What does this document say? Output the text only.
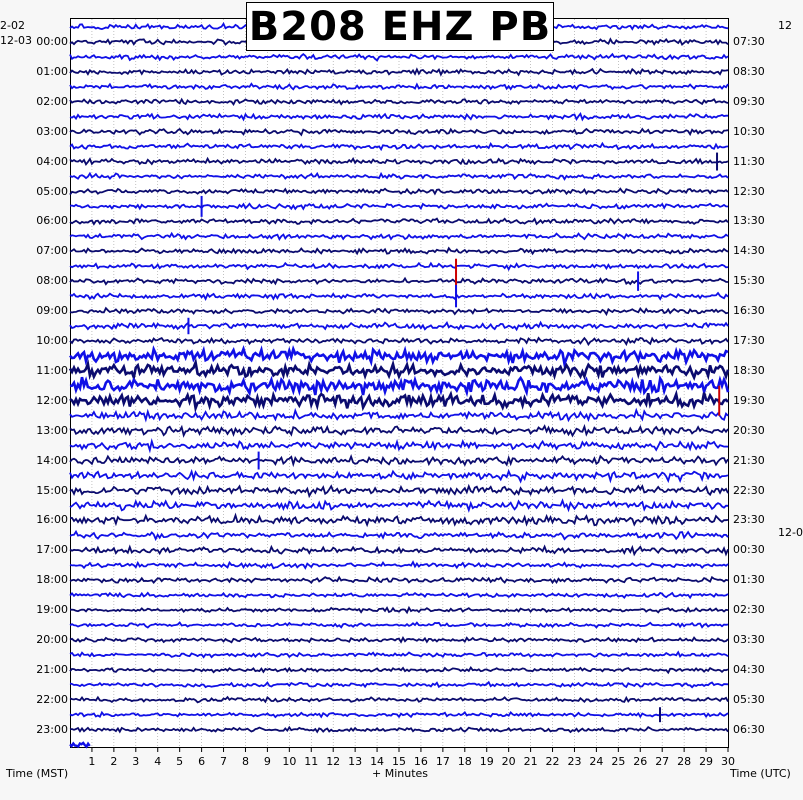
B208 EHZ PB
2-02
12-03
12
12-0
00:00
01:00
02:00
03:00
04:00
05:00
06:00
07:00
08:00
09:00
10:00
11:00
12:00
13:00
14:00
15:00
16:00
17:00
18:00
19:00
20:00
21:00
22:00
23:00
07:30
08:30
09:30
10:30
11:30
12:30
13:30
14:30
15:30
16:30
17:30
18:30
19:30
20:30
21:30
22:30
23:30
00:30
01:30
02:30
03:30
04:30
05:30
06:30
1	2	3	4	5	6	7	8	9	10 11 12 13 14 15 16 17 18 19 20 21 22 23 24 25 26 27 28 29 30
Time (MST)	+ Minutes	Time (UTC)
